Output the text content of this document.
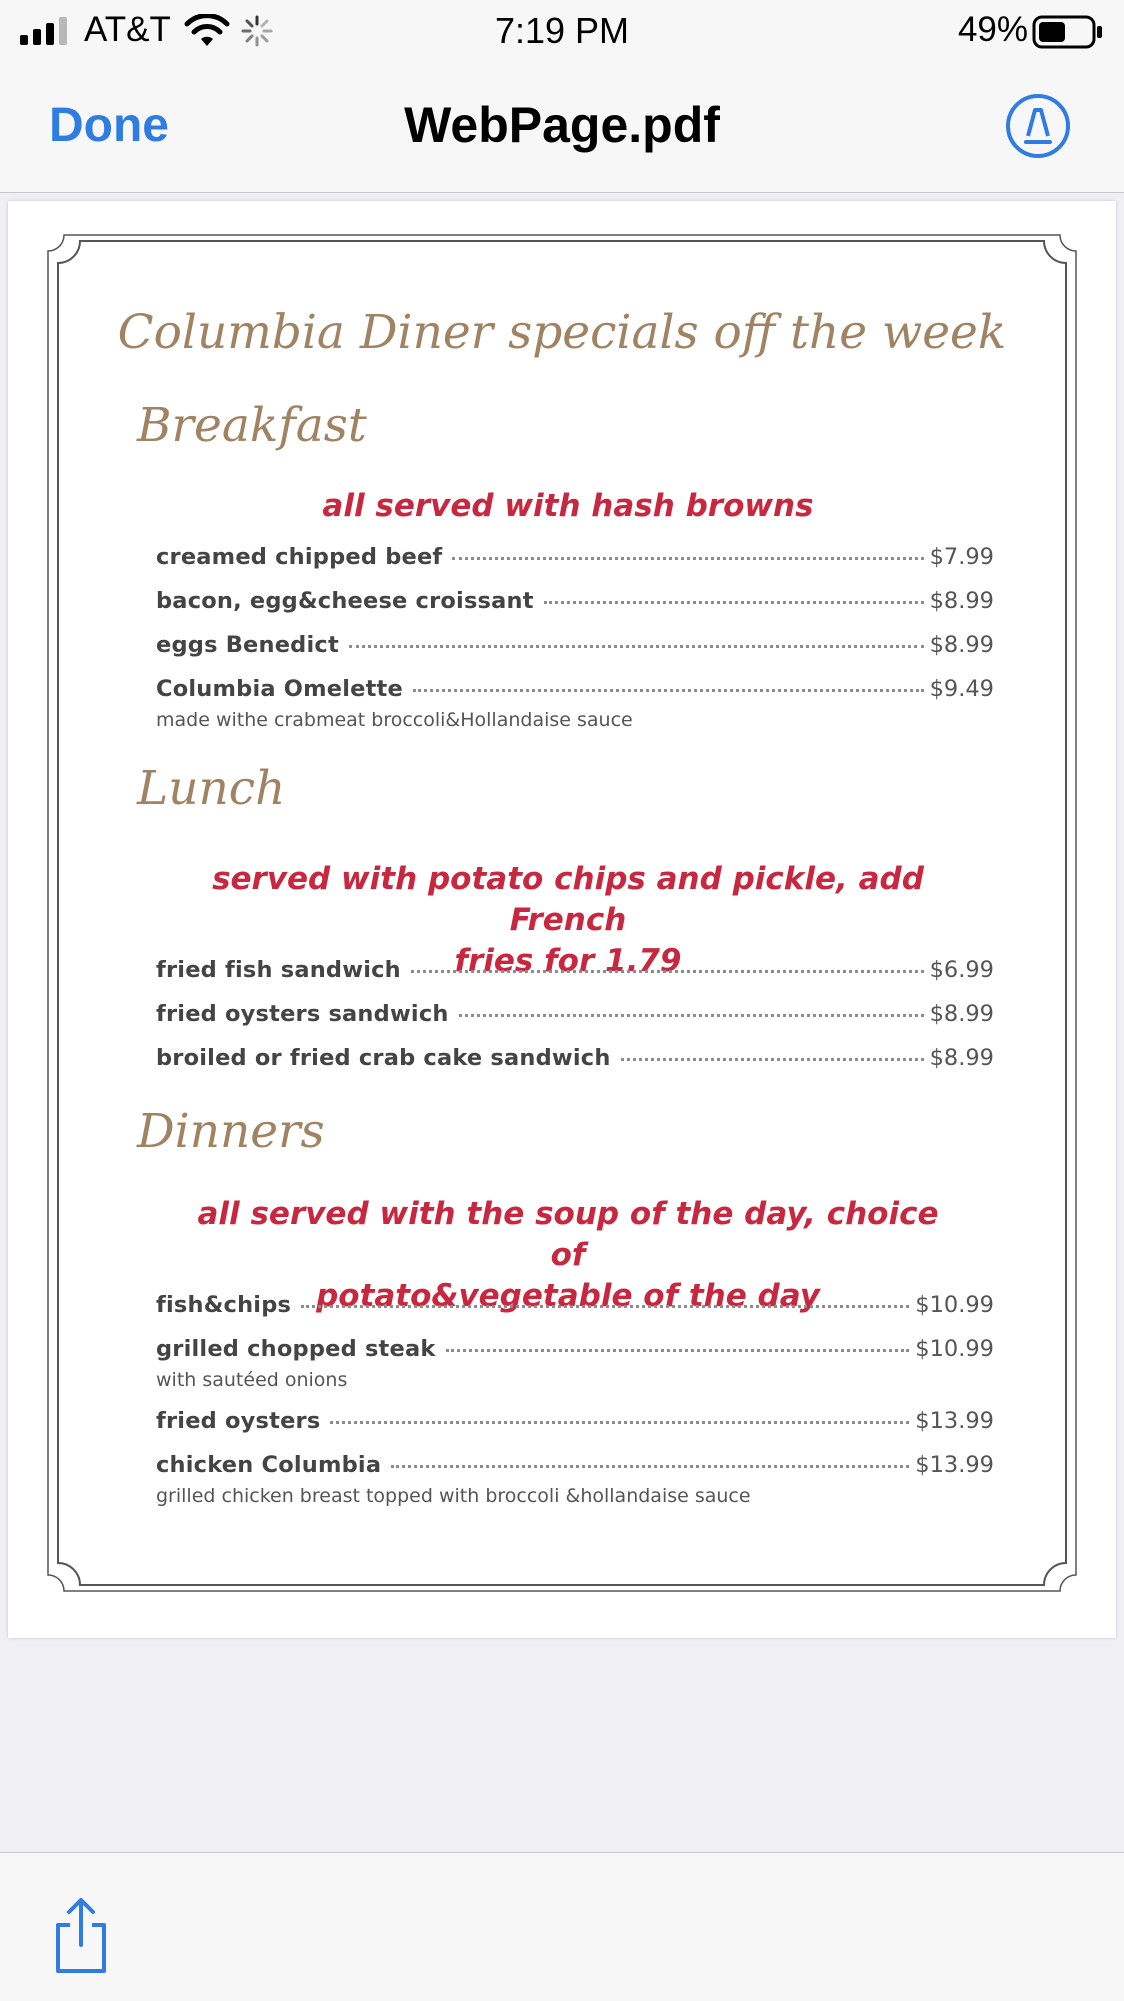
AT&T	7:19 PM	49%
Done	WebPage.pdf
Columbia Diner specials off the week
Breakfast
all served with hash browns
creamed chipped beef	$7.99
bacon, egg&cheese croissant	$8.99
eggs Benedict	$8.99
Columbia Omelette	$9.49
made withe crabmeat broccoli&Hollandaise sauce
Lunch
served with potato chips and pickle, add French
fries for 1.79
fried fish sandwich	$6.99
fried oysters sandwich	$8.99
broiled or fried crab cake sandwich	$8.99
Dinners
all served with the soup of the day, choice of
potato&vegetable of the day
fish&chips	$10.99
grilled chopped steak	$10.99
with sautéed onions
fried oysters	$13.99
chicken Columbia	$13.99
grilled chicken breast topped with broccoli &hollandaise sauce
